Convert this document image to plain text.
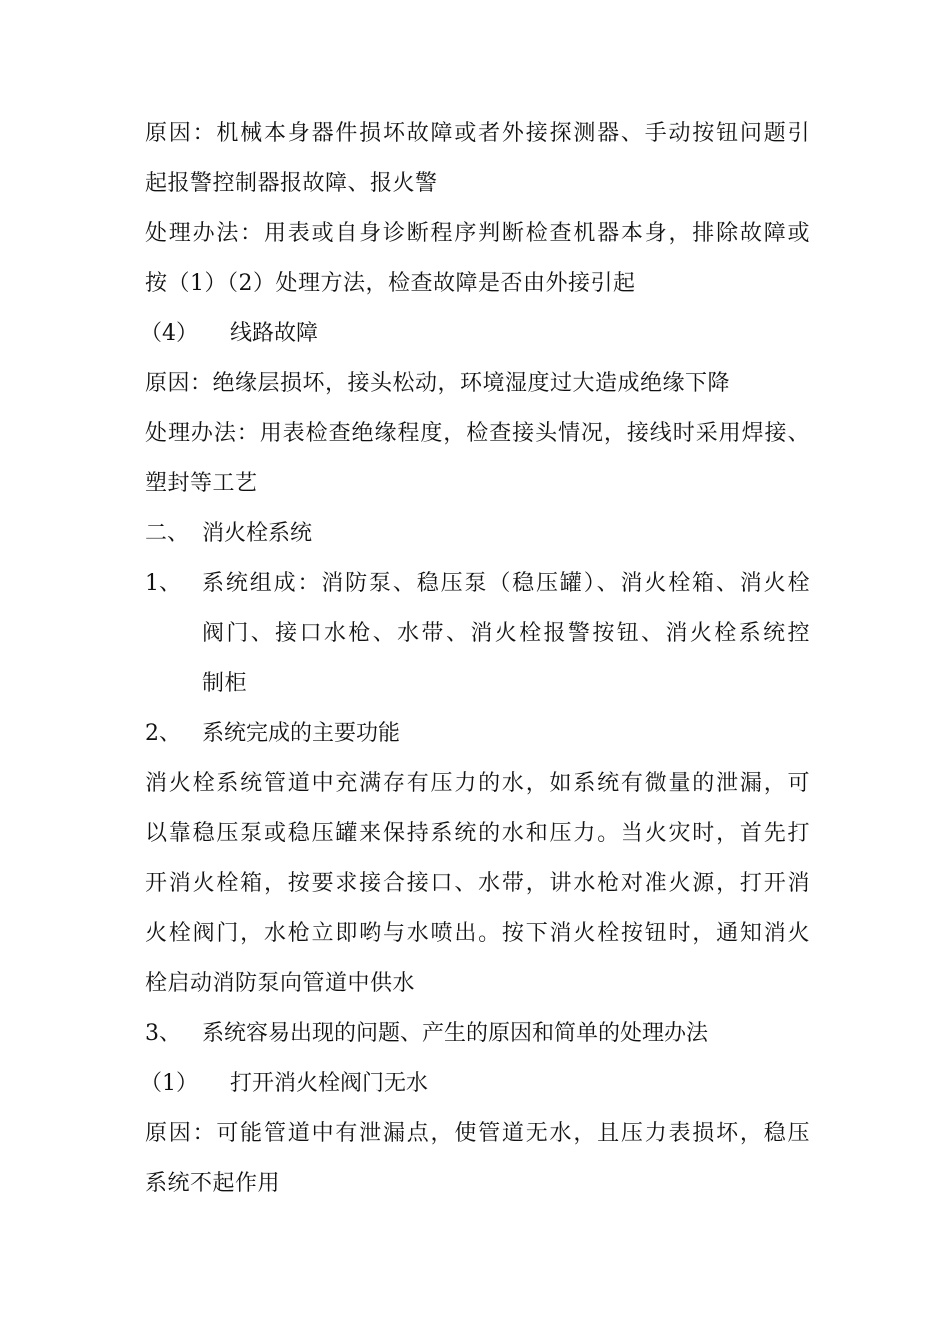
原因：机械本身器件损坏故障或者外接探测器、手动按钮问题引
起报警控制器报故障、报火警
处理办法：用表或自身诊断程序判断检查机器本身，排除故障或
按（1）（2）处理方法，检查故障是否由外接引起
（4） 线路故障
原因：绝缘层损坏，接头松动，环境湿度过大造成绝缘下降
处理办法：用表检查绝缘程度，检查接头情况，接线时采用焊接、
塑封等工艺
二、 消火栓系统
1、 系统组成：消防泵、稳压泵（稳压罐）、消火栓箱、消火栓
阀门、接口水枪、水带、消火栓报警按钮、消火栓系统控
制柜
2、 系统完成的主要功能
消火栓系统管道中充满存有压力的水，如系统有微量的泄漏，可
以靠稳压泵或稳压罐来保持系统的水和压力。当火灾时，首先打
开消火栓箱，按要求接合接口、水带，讲水枪对准火源，打开消
火栓阀门，水枪立即哟与水喷出。按下消火栓按钮时，通知消火
栓启动消防泵向管道中供水
3、 系统容易出现的问题、产生的原因和简单的处理办法
（1） 打开消火栓阀门无水
原因：可能管道中有泄漏点，使管道无水，且压力表损坏，稳压
系统不起作用
